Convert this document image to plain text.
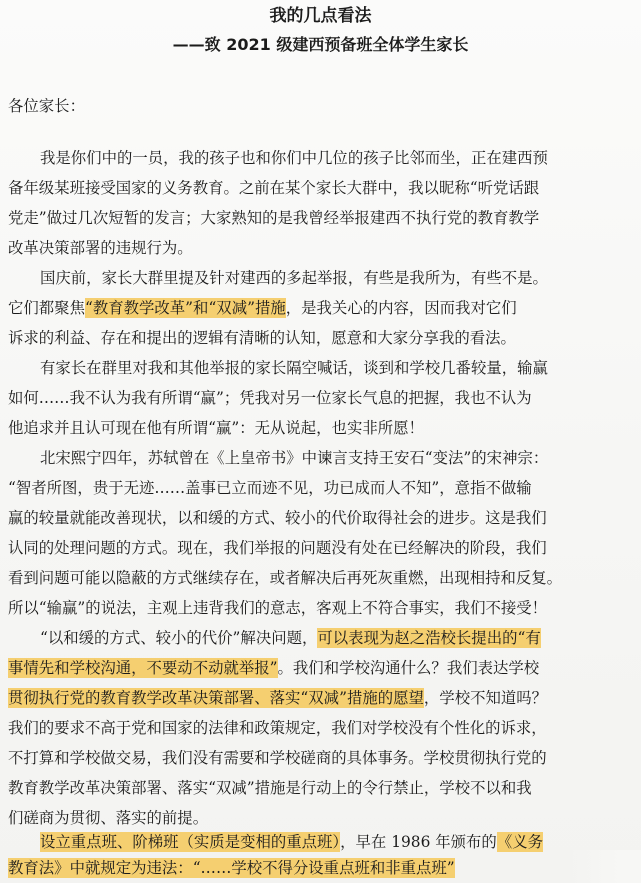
我的几点看法
——致 2021 级建西预备班全体学生家长
各位家长：
我是你们中的一员，我的孩子也和你们中几位的孩子比邻而坐，正在建西预
备年级某班接受国家的义务教育。之前在某个家长大群中，我以昵称“听党话跟
党走”做过几次短暂的发言；大家熟知的是我曾经举报建西不执行党的教育教学
改革决策部署的违规行为。
国庆前，家长大群里提及针对建西的多起举报，有些是我所为，有些不是。
它们都聚焦“教育教学改革”和“双减”措施，是我关心的内容，因而我对它们
诉求的利益、存在和提出的逻辑有清晰的认知，愿意和大家分享我的看法。
有家长在群里对我和其他举报的家长隔空喊话，谈到和学校几番较量，输赢
如何……我不认为我有所谓“赢”；凭我对另一位家长气息的把握，我也不认为
他追求并且认可现在他有所谓“赢”：无从说起，也实非所愿！
北宋熙宁四年，苏轼曾在《上皇帝书》中谏言支持王安石“变法”的宋神宗：
“智者所图，贵于无迹……盖事已立而迹不见，功已成而人不知”，意指不做输
赢的较量就能改善现状，以和缓的方式、较小的代价取得社会的进步。这是我们
认同的处理问题的方式。现在，我们举报的问题没有处在已经解决的阶段，我们
看到问题可能以隐蔽的方式继续存在，或者解决后再死灰重燃，出现相持和反复。
所以“输赢”的说法，主观上违背我们的意志，客观上不符合事实，我们不接受！
“以和缓的方式、较小的代价”解决问题，可以表现为赵之浩校长提出的“有
事情先和学校沟通，不要动不动就举报”。我们和学校沟通什么？我们表达学校
贯彻执行党的教育教学改革决策部署、落实“双减”措施的愿望，学校不知道吗？
我们的要求不高于党和国家的法律和政策规定，我们对学校没有个性化的诉求，
不打算和学校做交易，我们没有需要和学校磋商的具体事务。学校贯彻执行党的
教育教学改革决策部署、落实“双减”措施是行动上的令行禁止，学校不以和我
们磋商为贯彻、落实的前提。
设立重点班、阶梯班（实质是变相的重点班），早在 1986 年颁布的《义务
教育法》中就规定为违法：“……学校不得分设重点班和非重点班”
